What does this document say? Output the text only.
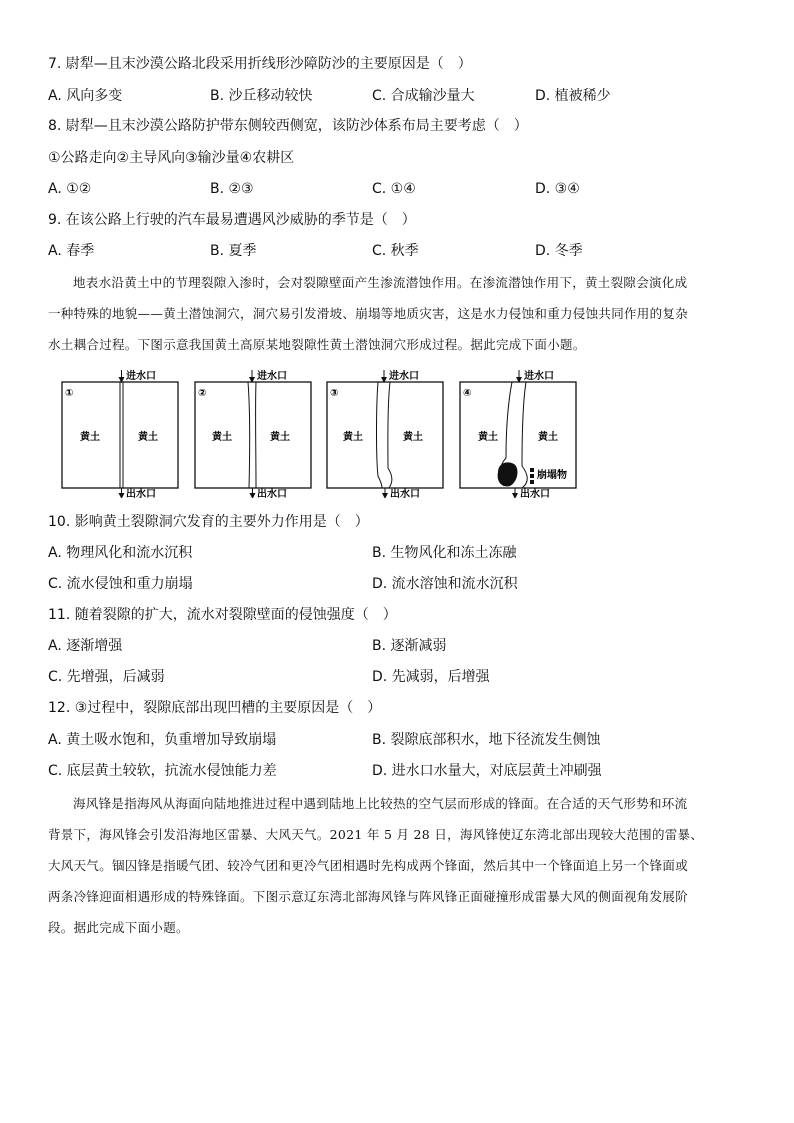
7. 尉犁—且末沙漠公路北段采用折线形沙障防沙的主要原因是（　）
A. 风向多变	B. 沙丘移动较快	C. 合成输沙量大	D. 植被稀少
8. 尉犁—且末沙漠公路防护带东侧较西侧宽，该防沙体系布局主要考虑（　）
①公路走向②主导风向③输沙量④农耕区
A. ①②	B. ②③	C. ①④	D. ③④
9. 在该公路上行驶的汽车最易遭遇风沙威胁的季节是（　）
A. 春季	B. 夏季	C. 秋季	D. 冬季
地表水沿黄土中的节理裂隙入渗时，会对裂隙壁面产生渗流潜蚀作用。在渗流潜蚀作用下，黄土裂隙会演化成
一种特殊的地貌——黄土潜蚀洞穴，洞穴易引发滑坡、崩塌等地质灾害，这是水力侵蚀和重力侵蚀共同作用的复杂
水土耦合过程。下图示意我国黄土高原某地裂隙性黄土潜蚀洞穴形成过程。据此完成下面小题。
①
进水口
黄土	黄土
出水口
②
进水口
黄土	黄土
出水口
③
进水口
黄土	黄土
出水口
④
进水口
黄土	黄土
崩塌物
出水口
10. 影响黄土裂隙洞穴发育的主要外力作用是（　）
A. 物理风化和流水沉积	B. 生物风化和冻土冻融
C. 流水侵蚀和重力崩塌	D. 流水溶蚀和流水沉积
11. 随着裂隙的扩大，流水对裂隙壁面的侵蚀强度（　）
A. 逐渐增强	B. 逐渐减弱
C. 先增强，后减弱	D. 先减弱，后增强
12. ③过程中，裂隙底部出现凹槽的主要原因是（　）
A. 黄土吸水饱和，负重增加导致崩塌	B. 裂隙底部积水，地下径流发生侧蚀
C. 底层黄土较软，抗流水侵蚀能力差	D. 进水口水量大，对底层黄土冲刷强
海风锋是指海风从海面向陆地推进过程中遇到陆地上比较热的空气层而形成的锋面。在合适的天气形势和环流
背景下，海风锋会引发沿海地区雷暴、大风天气。2021 年 5 月 28 日，海风锋使辽东湾北部出现较大范围的雷暴、
大风天气。锢囚锋是指暖气团、较冷气团和更冷气团相遇时先构成两个锋面，然后其中一个锋面追上另一个锋面或
两条冷锋迎面相遇形成的特殊锋面。下图示意辽东湾北部海风锋与阵风锋正面碰撞形成雷暴大风的侧面视角发展阶
段。据此完成下面小题。
